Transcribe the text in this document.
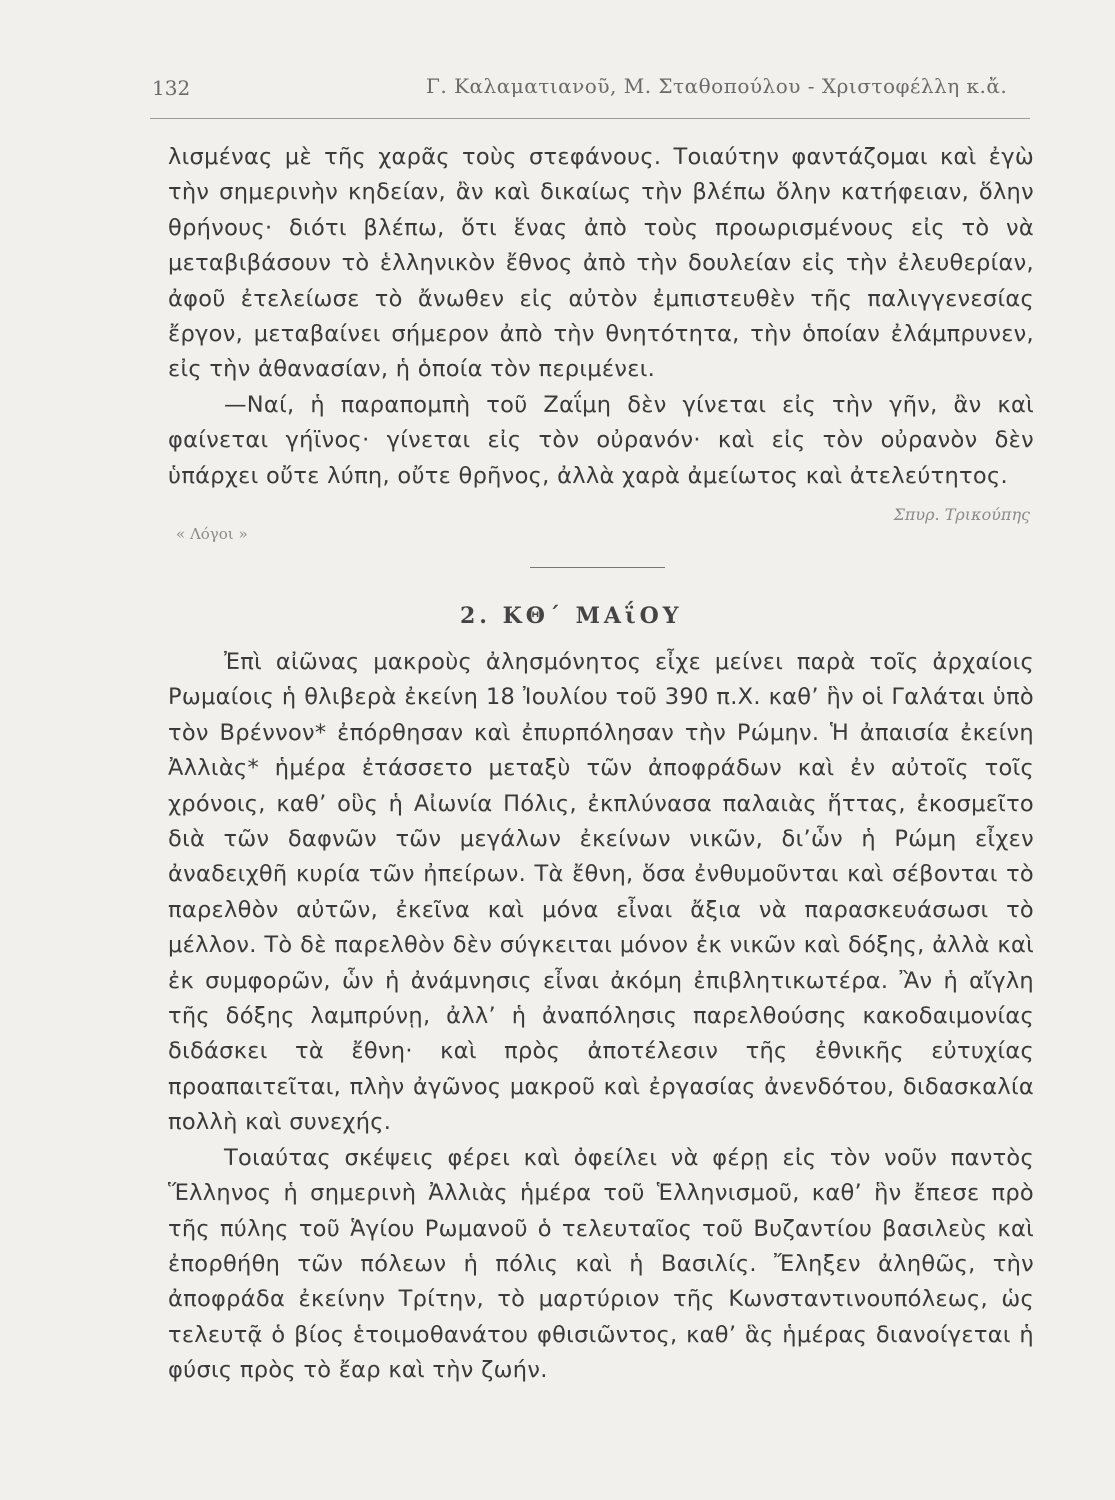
132	Γ. Καλαματιανοῦ, Μ. Σταθοπούλου - Χριστοφέλλη κ.ἄ.

λισμένας μὲ τῆς χαρᾶς τοὺς στεφάνους. Τοιαύτην φαντάζομαι καὶ ἐγὼ τὴν σημερινὴν κηδείαν, ἂν καὶ δικαίως τὴν βλέπω ὅλην κατήφειαν, ὅλην θρήνους· διότι βλέπω, ὅτι ἕνας ἀπὸ τοὺς προωρισμένους εἰς τὸ νὰ μεταβιβάσουν τὸ ἑλληνικὸν ἔθνος ἀπὸ τὴν δουλείαν εἰς τὴν ἐλευθερίαν, ἀφοῦ ἐτελείωσε τὸ ἄνωθεν εἰς αὐτὸν ἐμπιστευθὲν τῆς παλιγγενεσίας ἔργον, μεταβαίνει σήμερον ἀπὸ τὴν θνητότητα, τὴν ὁποίαν ἐλάμπρυνεν, εἰς τὴν ἀθανασίαν, ἡ ὁποία τὸν περιμένει.

—Ναί, ἡ παραπομπὴ τοῦ Ζαΐμη δὲν γίνεται εἰς τὴν γῆν, ἂν καὶ φαίνεται γήϊνος· γίνεται εἰς τὸν οὐρανόν· καὶ εἰς τὸν οὐρανὸν δὲν ὑπάρχει οὔτε λύπη, οὔτε θρῆνος, ἀλλὰ χαρὰ ἀμείωτος καὶ ἀτελεύτητος.

« Λόγοι »
Σπυρ. Τρικούπης
2. ΚΘ΄ ΜΑΐΟΥ

Ἐπὶ αἰῶνας μακροὺς ἀλησμόνητος εἶχε μείνει παρὰ τοῖς ἀρχαίοις Ρωμαίοις ἡ θλιβερὰ ἐκείνη 18 Ἰουλίου τοῦ 390 π.Χ. καθ’ ἣν οἱ Γαλάται ὑπὸ τὸν Βρέννον* ἐπόρθησαν καὶ ἐπυρπόλησαν τὴν Ρώμην. Ἡ ἀπαισία ἐκείνη Ἀλλιὰς* ἡμέρα ἐτάσσετο μεταξὺ τῶν ἀποφράδων καὶ ἐν αὐτοῖς τοῖς χρόνοις, καθ’ οὓς ἡ Αἰωνία Πόλις, ἐκπλύνασα παλαιὰς ἥττας, ἐκοσμεῖτο διὰ τῶν δαφνῶν τῶν μεγάλων ἐκείνων νικῶν, δι’ὧν ἡ Ρώμη εἶχεν ἀναδειχθῆ κυρία τῶν ἠπείρων. Τὰ ἔθνη, ὅσα ἐνθυμοῦνται καὶ σέβονται τὸ παρελθὸν αὐτῶν, ἐκεῖνα καὶ μόνα εἶναι ἄξια νὰ παρασκευάσωσι τὸ μέλλον. Τὸ δὲ παρελθὸν δὲν σύγκειται μόνον ἐκ νικῶν καὶ δόξης, ἀλλὰ καὶ ἐκ συμφορῶν, ὧν ἡ ἀνάμνησις εἶναι ἀκόμη ἐπιβλητικωτέρα. Ἂν ἡ αἴγλη τῆς δόξης λαμπρύνῃ, ἀλλ’ ἡ ἀναπόλησις παρελθούσης κακοδαιμονίας διδάσκει τὰ ἔθνη· καὶ πρὸς ἀποτέλεσιν τῆς ἐθνικῆς εὐτυχίας προαπαιτεῖται, πλὴν ἀγῶνος μακροῦ καὶ ἐργασίας ἀνενδότου, διδασκαλία πολλὴ καὶ συνεχής.

Τοιαύτας σκέψεις φέρει καὶ ὀφείλει νὰ φέρῃ εἰς τὸν νοῦν παντὸς Ἕλληνος ἡ σημερινὴ Ἀλλιὰς ἡμέρα τοῦ Ἑλληνισμοῦ, καθ’ ἣν ἔπεσε πρὸ τῆς πύλης τοῦ Ἁγίου Ρωμανοῦ ὁ τελευταῖος τοῦ Βυζαντίου βασιλεὺς καὶ ἐπορθήθη τῶν πόλεων ἡ πόλις καὶ ἡ Βασιλίς. Ἔληξεν ἀληθῶς, τὴν ἀποφράδα ἐκείνην Τρίτην, τὸ μαρτύριον τῆς Κωνσταντινουπόλεως, ὡς τελευτᾷ ὁ βίος ἑτοιμοθανάτου φθισιῶντος, καθ’ ἃς ἡμέρας διανοίγεται ἡ φύσις πρὸς τὸ ἔαρ καὶ τὴν ζωήν.
